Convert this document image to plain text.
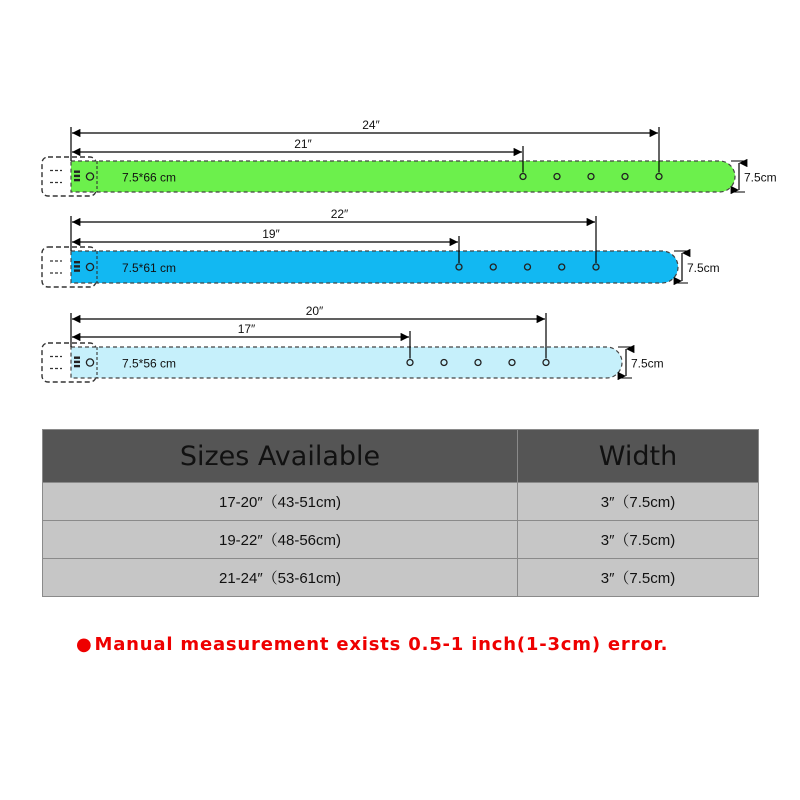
7.5*66 cm
24″
21″
7.5cm
7.5*61 cm
22″
19″
7.5cm
7.5*56 cm
20″
17″
7.5cm
Sizes Available	Width
17-20″（43-51cm)	3″（7.5cm)
19-22″（48-56cm)	3″（7.5cm)
21-24″（53-61cm)	3″（7.5cm)
● Manual measurement exists 0.5-1 inch(1-3cm) error.
